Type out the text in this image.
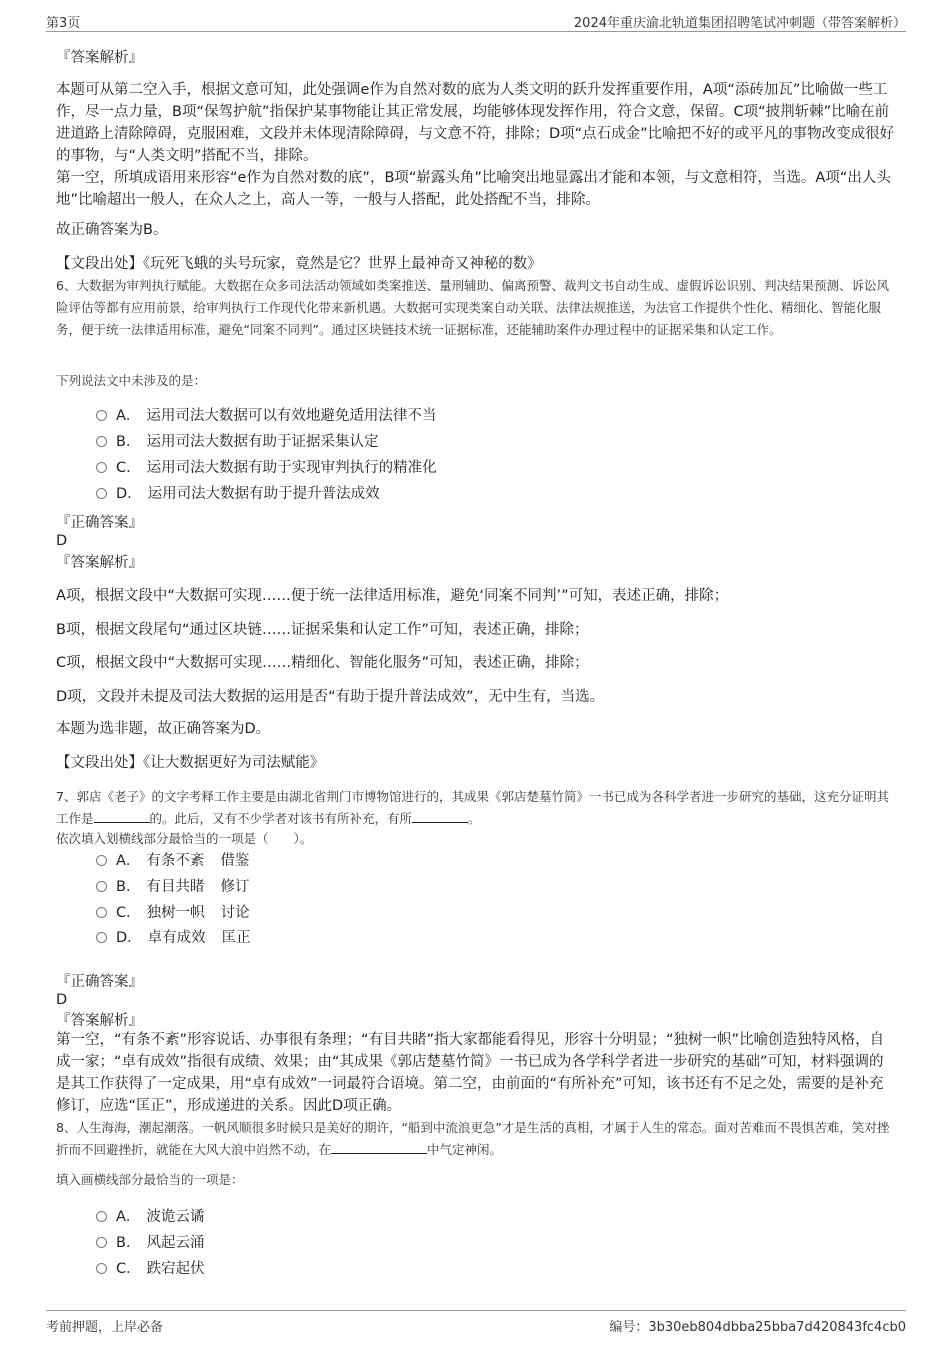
第3页	2024年重庆渝北轨道集团招聘笔试冲刺题（带答案解析）
『答案解析』

本题可从第二空入手，根据文意可知，此处强调e作为自然对数的底为人类文明的跃升发挥重要作用，A项“添砖加瓦”比喻做一些工作，尽一点力量，B项“保驾护航”指保护某事物能让其正常发展，均能够体现发挥作用，符合文意，保留。C项“披荆斩棘”比喻在前进道路上清除障碍，克服困难，文段并未体现清除障碍，与文意不符，排除；D项“点石成金”比喻把不好的或平凡的事物改变成很好的事物，与“人类文明”搭配不当，排除。

第一空，所填成语用来形容“e作为自然对数的底”，B项“崭露头角”比喻突出地显露出才能和本领，与文意相符，当选。A项“出人头地”比喻超出一般人，在众人之上，高人一等，一般与人搭配，此处搭配不当，排除。

故正确答案为B。

【文段出处】《玩死飞蛾的头号玩家，竟然是它？世界上最神奇又神秘的数》

6、大数据为审判执行赋能。大数据在众多司法活动领域如类案推送、量刑辅助、偏离预警、裁判文书自动生成、虚假诉讼识别、判决结果预测、诉讼风险评估等都有应用前景，给审判执行工作现代化带来新机遇。大数据可实现类案自动关联、法律法规推送，为法官工作提供个性化、精细化、智能化服务，便于统一法律适用标准，避免“同案不同判”。通过区块链技术统一证据标准，还能辅助案件办理过程中的证据采集和认定工作。

下列说法文中未涉及的是：

A． 运用司法大数据可以有效地避免适用法律不当
B． 运用司法大数据有助于证据采集认定
C． 运用司法大数据有助于实现审判执行的精准化
D． 运用司法大数据有助于提升普法成效
『正确答案』
D
『答案解析』

A项，根据文段中“大数据可实现……便于统一法律适用标准，避免‘同案不同判’”可知，表述正确，排除；

B项，根据文段尾句“通过区块链……证据采集和认定工作”可知，表述正确，排除；

C项，根据文段中“大数据可实现……精细化、智能化服务”可知，表述正确，排除；

D项，文段并未提及司法大数据的运用是否“有助于提升普法成效”，无中生有，当选。

本题为选非题，故正确答案为D。

【文段出处】《让大数据更好为司法赋能》

7、郭店《老子》的文字考释工作主要是由湖北省荆门市博物馆进行的，其成果《郭店楚墓竹简》一书已成为各科学者进一步研究的基础，这充分证明其工作是	的。此后，又有不少学者对该书有所补充，有所	。

依次填入划横线部分最恰当的一项是（　　）。

A． 有条不紊 借鉴
B． 有目共睹 修订
C． 独树一帜 讨论
D． 卓有成效 匡正
『正确答案』
D
『答案解析』

第一空，“有条不紊”形容说话、办事很有条理；“有目共睹”指大家都能看得见，形容十分明显；“独树一帜”比喻创造独特风格，自成一家；“卓有成效”指很有成绩、效果；由“其成果《郭店楚墓竹简》一书已成为各学科学者进一步研究的基础”可知，材料强调的是其工作获得了一定成果，用“卓有成效”一词最符合语境。第二空，由前面的“有所补充”可知，该书还有不足之处，需要的是补充修订，应选“匡正”，形成递进的关系。因此D项正确。

8、人生海海，潮起潮落。一帆风顺很多时候只是美好的期许，“船到中流浪更急”才是生活的真相，才属于人生的常态。面对苦难而不畏惧苦难，笑对挫折而不回避挫折，就能在大风大浪中岿然不动，在	中气定神闲。

填入画横线部分最恰当的一项是：

A． 波诡云谲
B． 风起云涌
C． 跌宕起伏
考前押题，上岸必备	编号：3b30eb804dbba25bba7d420843fc4cb0
